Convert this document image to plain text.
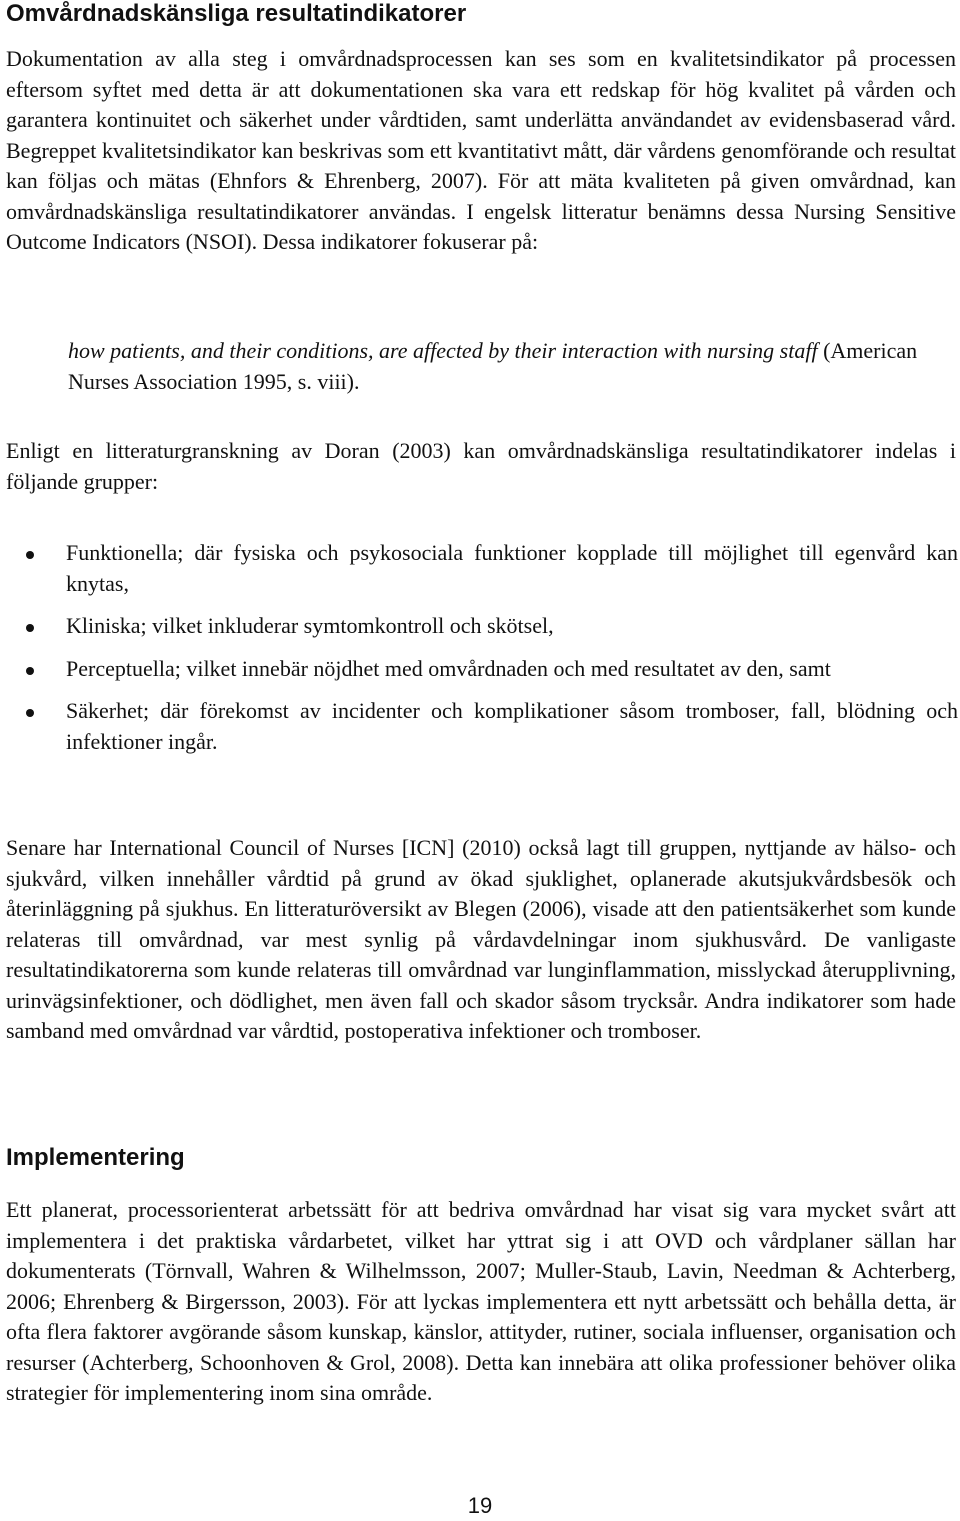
Omvårdnadskänsliga resultatindikatorer

Dokumentation av alla steg i omvårdnadsprocessen kan ses som en kvalitetsindikator på processen eftersom syftet med detta är att dokumentationen ska vara ett redskap för hög kvalitet på vården och garantera kontinuitet och säkerhet under vårdtiden, samt underlätta användandet av evidensbaserad vård. Begreppet kvalitetsindikator kan beskrivas som ett kvantitativt mått, där vårdens genomförande och resultat kan följas och mätas (Ehnfors & Ehrenberg, 2007). För att mäta kvaliteten på given omvårdnad, kan omvårdnadskänsliga resultatindikatorer användas. I engelsk litteratur benämns dessa Nursing Sensitive Outcome Indicators (NSOI). Dessa indikatorer fokuserar på:

how patients, and their conditions, are affected by their interaction with nursing staff (American Nurses Association 1995, s. viii).

Enligt en litteraturgranskning av Doran (2003) kan omvårdnadskänsliga resultatindikatorer indelas i följande grupper:

Funktionella; där fysiska och psykosociala funktioner kopplade till möjlighet till egenvård kan knytas,

Kliniska; vilket inkluderar symtomkontroll och skötsel,

Perceptuella; vilket innebär nöjdhet med omvårdnaden och med resultatet av den, samt

Säkerhet; där förekomst av incidenter och komplikationer såsom tromboser, fall, blödning och infektioner ingår.

Senare har International Council of Nurses [ICN] (2010) också lagt till gruppen, nyttjande av hälso- och sjukvård, vilken innehåller vårdtid på grund av ökad sjuklighet, oplanerade akutsjukvårdsbesök och återinläggning på sjukhus. En litteraturöversikt av Blegen (2006), visade att den patientsäkerhet som kunde relateras till omvårdnad, var mest synlig på vårdavdelningar inom sjukhusvård. De vanligaste resultatindikatorerna som kunde relateras till omvårdnad var lunginflammation, misslyckad återupplivning, urinvägsinfektioner, och dödlighet, men även fall och skador såsom trycksår. Andra indikatorer som hade samband med omvårdnad var vårdtid, postoperativa infektioner och tromboser.

Implementering

Ett planerat, processorienterat arbetssätt för att bedriva omvårdnad har visat sig vara mycket svårt att implementera i det praktiska vårdarbetet, vilket har yttrat sig i att OVD och vårdplaner sällan har dokumenterats (Törnvall, Wahren & Wilhelmsson, 2007; Muller-Staub, Lavin, Needman & Achterberg, 2006; Ehrenberg & Birgersson, 2003). För att lyckas implementera ett nytt arbetssätt och behålla detta, är ofta flera faktorer avgörande såsom kunskap, känslor, attityder, rutiner, sociala influenser, organisation och resurser (Achterberg, Schoonhoven & Grol, 2008). Detta kan innebära att olika professioner behöver olika strategier för implementering inom sina område.

19
